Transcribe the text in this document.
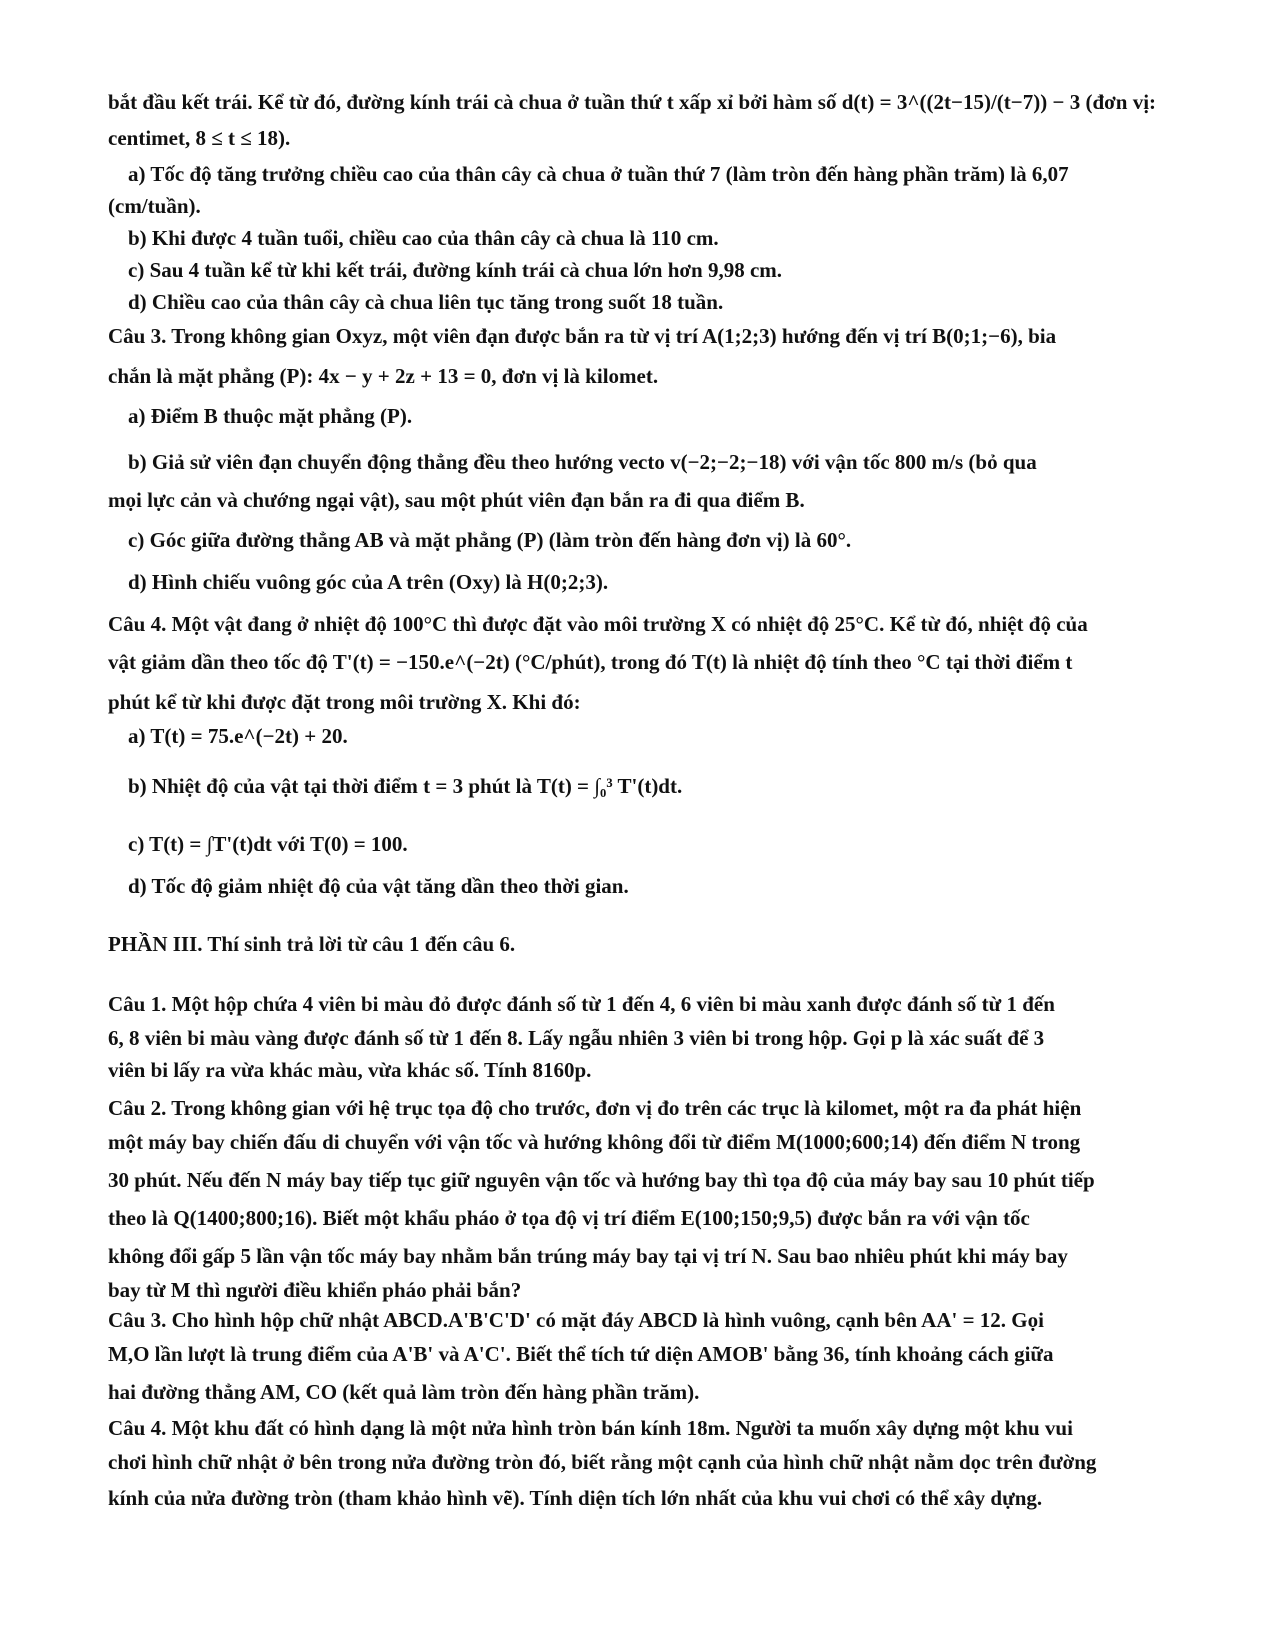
bắt đầu kết trái. Kể từ đó, đường kính trái cà chua ở tuần thứ t xấp xỉ bởi hàm số d(t) = 3^((2t−15)/(t−7)) − 3 (đơn vị:
centimet, 8 ≤ t ≤ 18).
a) Tốc độ tăng trưởng chiều cao của thân cây cà chua ở tuần thứ 7 (làm tròn đến hàng phần trăm) là 6,07
(cm/tuần).
b) Khi được 4 tuần tuổi, chiều cao của thân cây cà chua là 110 cm.
c) Sau 4 tuần kể từ khi kết trái, đường kính trái cà chua lớn hơn 9,98 cm.
d) Chiều cao của thân cây cà chua liên tục tăng trong suốt 18 tuần.
Câu 3. Trong không gian Oxyz, một viên đạn được bắn ra từ vị trí A(1;2;3) hướng đến vị trí B(0;1;−6), bia
chắn là mặt phẳng (P): 4x − y + 2z + 13 = 0, đơn vị là kilomet.
a) Điểm B thuộc mặt phẳng (P).
b) Giả sử viên đạn chuyển động thẳng đều theo hướng vecto v(−2;−2;−18) với vận tốc 800 m/s (bỏ qua
mọi lực cản và chướng ngại vật), sau một phút viên đạn bắn ra đi qua điểm B.
c) Góc giữa đường thẳng AB và mặt phẳng (P) (làm tròn đến hàng đơn vị) là 60°.
d) Hình chiếu vuông góc của A trên (Oxy) là H(0;2;3).
Câu 4. Một vật đang ở nhiệt độ 100°C thì được đặt vào môi trường X có nhiệt độ 25°C. Kể từ đó, nhiệt độ của
vật giảm dần theo tốc độ T'(t) = −150.e^(−2t) (°C/phút), trong đó T(t) là nhiệt độ tính theo °C tại thời điểm t
phút kể từ khi được đặt trong môi trường X. Khi đó:
a) T(t) = 75.e^(−2t) + 20.
b) Nhiệt độ của vật tại thời điểm t = 3 phút là T(t) = ∫₀³ T'(t)dt.
c) T(t) = ∫T'(t)dt với T(0) = 100.
d) Tốc độ giảm nhiệt độ của vật tăng dần theo thời gian.
PHẦN III. Thí sinh trả lời từ câu 1 đến câu 6.
Câu 1. Một hộp chứa 4 viên bi màu đỏ được đánh số từ 1 đến 4, 6 viên bi màu xanh được đánh số từ 1 đến
6, 8 viên bi màu vàng được đánh số từ 1 đến 8. Lấy ngẫu nhiên 3 viên bi trong hộp. Gọi p là xác suất để 3
viên bi lấy ra vừa khác màu, vừa khác số. Tính 8160p.
Câu 2. Trong không gian với hệ trục tọa độ cho trước, đơn vị đo trên các trục là kilomet, một ra đa phát hiện
một máy bay chiến đấu di chuyển với vận tốc và hướng không đổi từ điểm M(1000;600;14) đến điểm N trong
30 phút. Nếu đến N máy bay tiếp tục giữ nguyên vận tốc và hướng bay thì tọa độ của máy bay sau 10 phút tiếp
theo là Q(1400;800;16). Biết một khẩu pháo ở tọa độ vị trí điểm E(100;150;9,5) được bắn ra với vận tốc
không đổi gấp 5 lần vận tốc máy bay nhằm bắn trúng máy bay tại vị trí N. Sau bao nhiêu phút khi máy bay
bay từ M thì người điều khiển pháo phải bắn?
Câu 3. Cho hình hộp chữ nhật ABCD.A'B'C'D' có mặt đáy ABCD là hình vuông, cạnh bên AA' = 12. Gọi
M,O lần lượt là trung điểm của A'B' và A'C'. Biết thể tích tứ diện AMOB' bằng 36, tính khoảng cách giữa
hai đường thẳng AM, CO (kết quả làm tròn đến hàng phần trăm).
Câu 4. Một khu đất có hình dạng là một nửa hình tròn bán kính 18m. Người ta muốn xây dựng một khu vui
chơi hình chữ nhật ở bên trong nửa đường tròn đó, biết rằng một cạnh của hình chữ nhật nằm dọc trên đường
kính của nửa đường tròn (tham khảo hình vẽ). Tính diện tích lớn nhất của khu vui chơi có thể xây dựng.
